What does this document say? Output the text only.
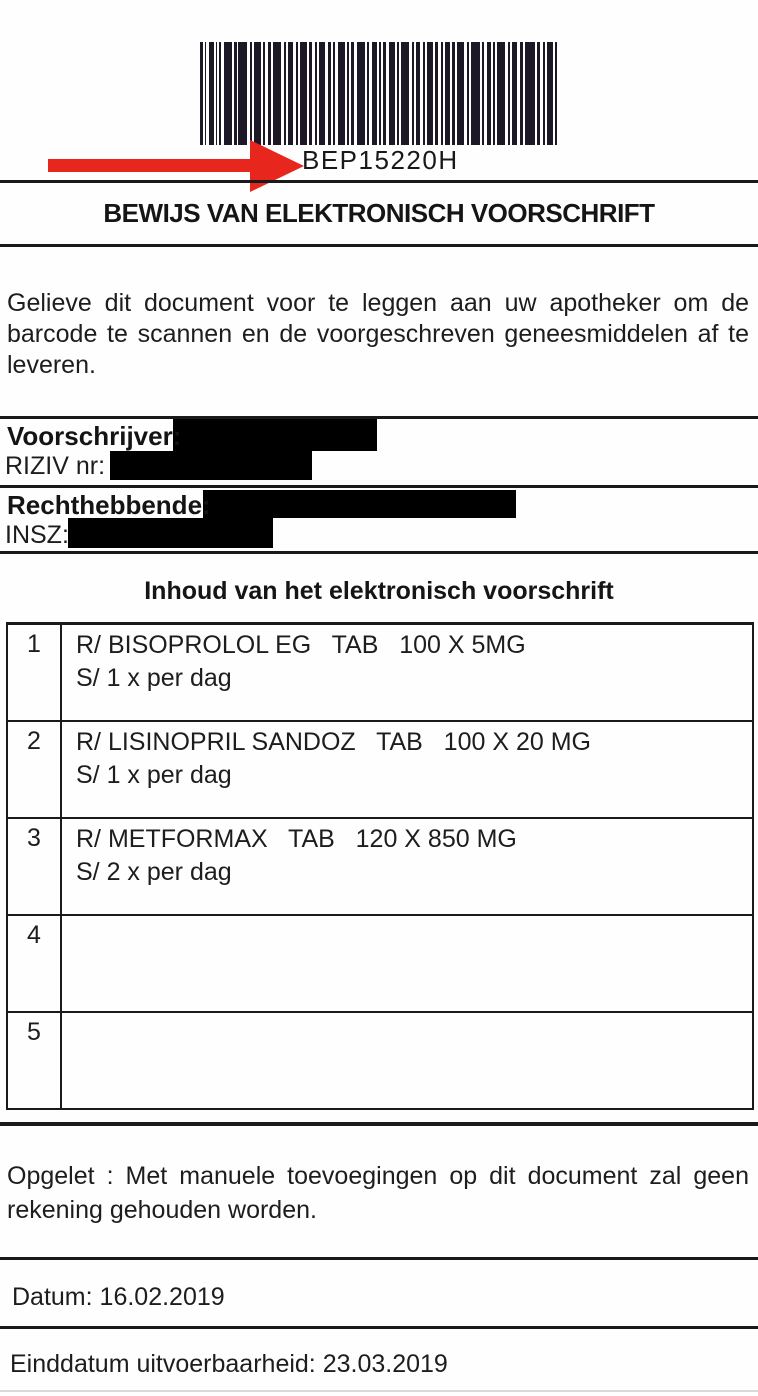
BEP15220H
BEWIJS VAN ELEKTRONISCH VOORSCHRIFT
Gelieve dit document voor te leggen aan uw apotheker om de
barcode te scannen en de voorgeschreven geneesmiddelen af te
leveren.
Voorschrijver:
RIZIV nr:
Rechthebbende:
INSZ:
Inhoud van het elektronisch voorschrift
1	R/ BISOPROLOL EG   TAB   100 X 5MG
S/ 1 x per dag

2	R/ LISINOPRIL SANDOZ   TAB   100 X 20 MG
S/ 1 x per dag

3	R/ METFORMAX   TAB   120 X 850 MG
S/ 2 x per dag

4	

5	
Opgelet : Met manuele toevoegingen op dit document zal geen
rekening gehouden worden.
Datum: 16.02.2019
Einddatum uitvoerbaarheid: 23.03.2019
